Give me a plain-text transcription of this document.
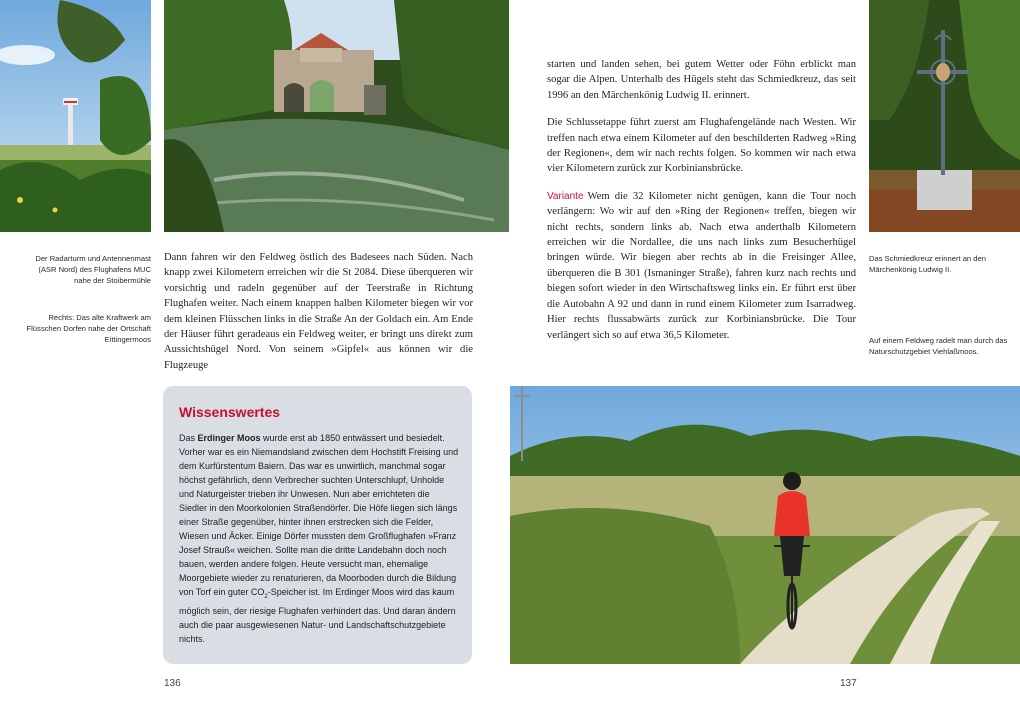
Der Radarturm und Antennenmast (ASR Nord) des Flughafens MUC nahe der Stoibermühle
Rechts: Das alte Kraftwerk am Flüsschen Dorfen nahe der Ortschaft Eittingermoos
Das Schmiedkreuz erinnert an den Märchenkönig Ludwig II.
Auf einem Feldweg radelt man durch das Naturschutzgebiet Viehlaßmoos.

Dann fahren wir den Feldweg östlich des Badesees nach Süden. Nach knapp zwei Kilometern erreichen wir die St 2084. Diese überqueren wir vorsichtig und radeln gegenüber auf der Teerstraße in Richtung Flughafen weiter. Nach einem knappen halben Kilometer biegen wir vor dem kleinen Flüsschen links in die Straße An der Goldach ein. Am Ende der Häuser führt geradeaus ein Feldweg weiter, er bringt uns direkt zum Aussichtshügel Nord. Von seinem »Gipfel« aus können wir die Flugzeuge

starten und landen sehen, bei gutem Wetter oder Föhn erblickt man sogar die Alpen. Unterhalb des Hügels steht das Schmiedkreuz, das seit 1996 an den Märchenkönig Ludwig II. erinnert.

Die Schlussetappe führt zuerst am Flughafengelände nach Westen. Wir treffen nach etwa einem Kilometer auf den beschilderten Radweg »Ring der Regionen«, dem wir nach rechts folgen. So kommen wir nach etwa vier Kilometern zurück zur Korbiniansbrücke.

Variante Wem die 32 Kilometer nicht genügen, kann die Tour noch verlängern: Wo wir auf den »Ring der Regionen« treffen, biegen wir nicht rechts, sondern links ab. Nach etwa anderthalb Kilometern erreichen wir die Nordallee, die uns nach links zum Besucherhügel bringen würde. Wir biegen aber rechts ab in die Freisinger Allee, überqueren die B 301 (Ismaninger Straße), fahren kurz nach rechts und biegen sofort wieder in den Wirtschaftsweg links ein. Er führt erst über die Autobahn A 92 und dann in rund einem Kilometer zum Isarradweg. Hier rechts flussabwärts zurück zur Korbiniansbrücke. Die Tour verlängert sich so auf etwa 36,5 Kilometer.

Wissenswertes
Das Erdinger Moos wurde erst ab 1850 entwässert und besiedelt. Vorher war es ein Niemandsland zwischen dem Hochstift Freising und dem Kurfürstentum Baiern. Das war es unwirtlich, manchmal sogar höchst gefährlich, denn Verbrecher suchten Unterschlupf, Unholde und Naturgeister trieben ihr Unwesen. Nun aber errichteten die Siedler in den Moorkolonien Straßendörfer. Die Höfe liegen sich längs einer Straße gegenüber, hinter ihnen erstrecken sich die Felder, Wiesen und Äcker. Einige Dörfer mussten dem Großflughafen »Franz Josef Strauß« weichen. Sollte man die dritte Landebahn doch noch bauen, werden andere folgen. Heute versucht man, ehemalige Moorgebiete wieder zu renaturieren, da Moorboden durch die Bildung von Torf ein guter $CO_2$-Speicher ist. Im Erdinger Moos wird das kaum möglich sein, der riesige Flughafen verhindert das. Und daran ändern auch die paar ausgewiesenen Natur- und Landschaftschutzgebiete nichts.
136	137
